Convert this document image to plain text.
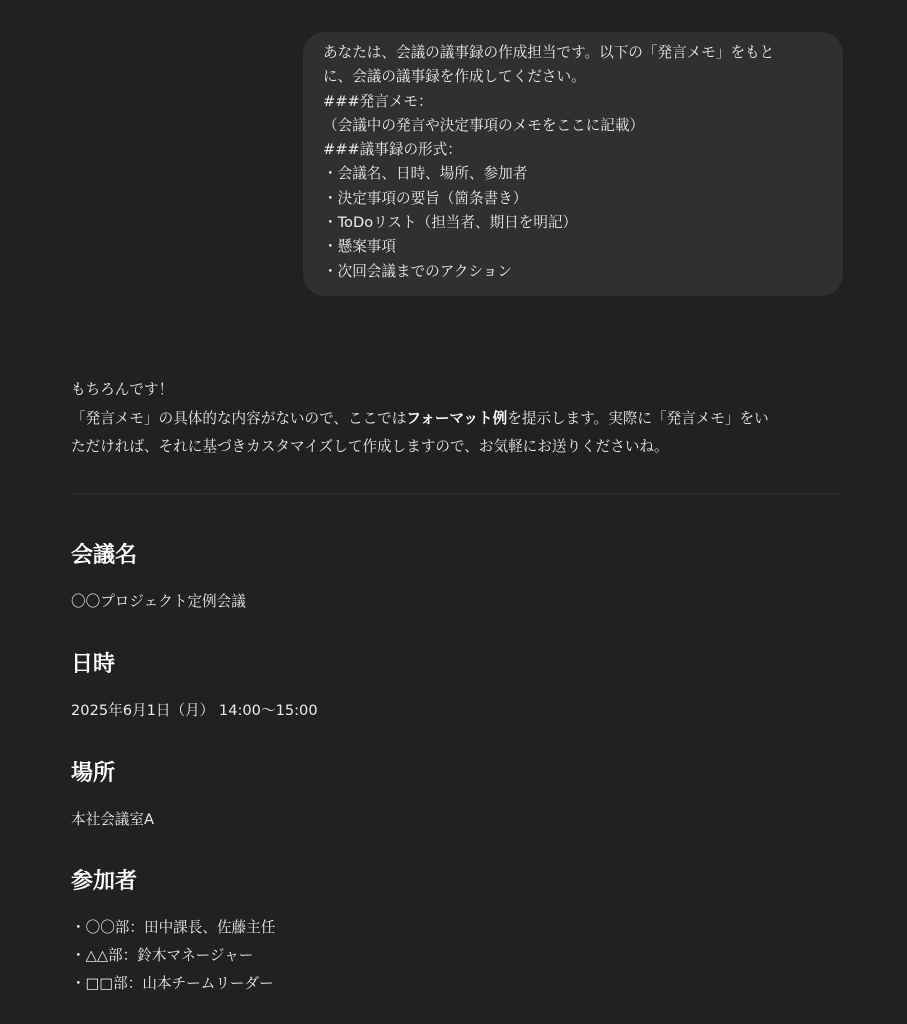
あなたは、会議の議事録の作成担当です。以下の「発言メモ」をもと
に、会議の議事録を作成してください。
###発言メモ：
（会議中の発言や決定事項のメモをここに記載）
###議事録の形式：
・会議名、日時、場所、参加者
・決定事項の要旨（箇条書き）
・ToDoリスト（担当者、期日を明記）
・懸案事項
・次回会議までのアクション

もちろんです！

「発言メモ」の具体的な内容がないので、ここではフォーマット例を提示します。実際に「発言メモ」をい

ただければ、それに基づきカスタマイズして作成しますので、お気軽にお送りくださいね。

会議名

〇〇プロジェクト定例会議

日時

2025年6月1日（月） 14:00〜15:00

場所

本社会議室A

参加者
・〇〇部：田中課長、佐藤主任
・△△部：鈴木マネージャー
・□□部：山本チームリーダー
